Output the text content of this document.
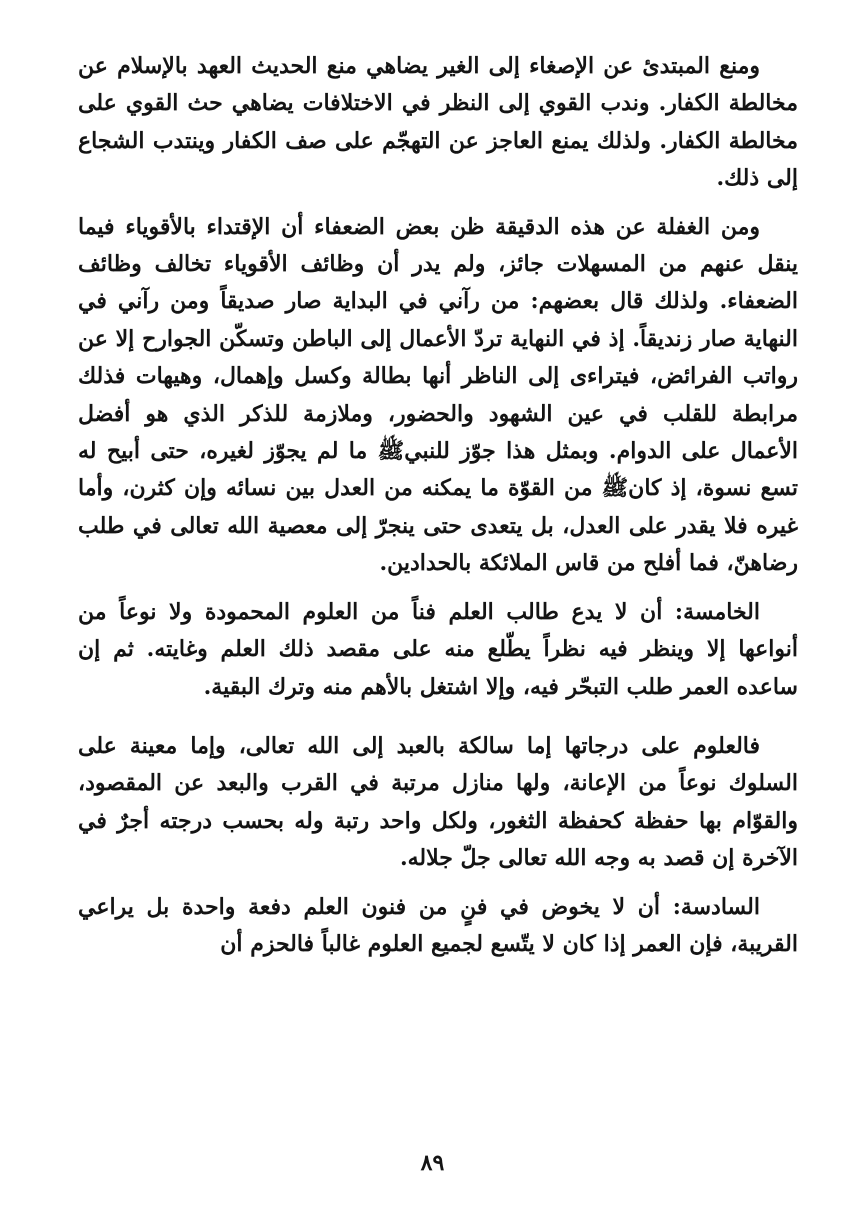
ومنع المبتدئ عن الإصغاء إلى الغير يضاهي منع الحديث العهد بالإسلام عن مخالطة الكفار. وندب القوي إلى النظر في الاختلافات يضاهي حث القوي على مخالطة الكفار. ولذلك يمنع العاجز عن التهجّم على صف الكفار وينتدب الشجاع إلى ذلك.

ومن الغفلة عن هذه الدقيقة ظن بعض الضعفاء أن الإقتداء بالأقوياء فيما ينقل عنهم من المسهلات جائز، ولم يدر أن وظائف الأقوياء تخالف وظائف الضعفاء. ولذلك قال بعضهم: من رآني في البداية صار صديقاً ومن رآني في النهاية صار زنديقاً. إذ في النهاية تردّ الأعمال إلى الباطن وتسكّن الجوارح إلا عن رواتب الفرائض، فيتراءى إلى الناظر أنها بطالة وكسل وإهمال، وهيهات فذلك مرابطة للقلب في عين الشهود والحضور، وملازمة للذكر الذي هو أفضل الأعمال على الدوام. وبمثل هذا جوّز للنبيﷺ ما لم يجوّز لغيره، حتى أبيح له تسع نسوة، إذ كانﷺ من القوّة ما يمكنه من العدل بين نسائه وإن كثرن، وأما غيره فلا يقدر على العدل، بل يتعدى حتى ينجرّ إلى معصية الله تعالى في طلب رضاهنّ، فما أفلح من قاس الملائكة بالحدادين.

الخامسة: أن لا يدع طالب العلم فناً من العلوم المحمودة ولا نوعاً من أنواعها إلا وينظر فيه نظراً يطّلع منه على مقصد ذلك العلم وغايته. ثم إن ساعده العمر طلب التبحّر فيه، وإلا اشتغل بالأهم منه وترك البقية.

فالعلوم على درجاتها إما سالكة بالعبد إلى الله تعالى، وإما معينة على السلوك نوعاً من الإعانة، ولها منازل مرتبة في القرب والبعد عن المقصود، والقوّام بها حفظة كحفظة الثغور، ولكل واحد رتبة وله بحسب درجته أجرٌ في الآخرة إن قصد به وجه الله تعالى جلّ جلاله.

السادسة: أن لا يخوض في فنٍ من فنون العلم دفعة واحدة بل يراعي القريبة، فإن العمر إذا كان لا يتّسع لجميع العلوم غالباً فالحزم أن

٨٩
